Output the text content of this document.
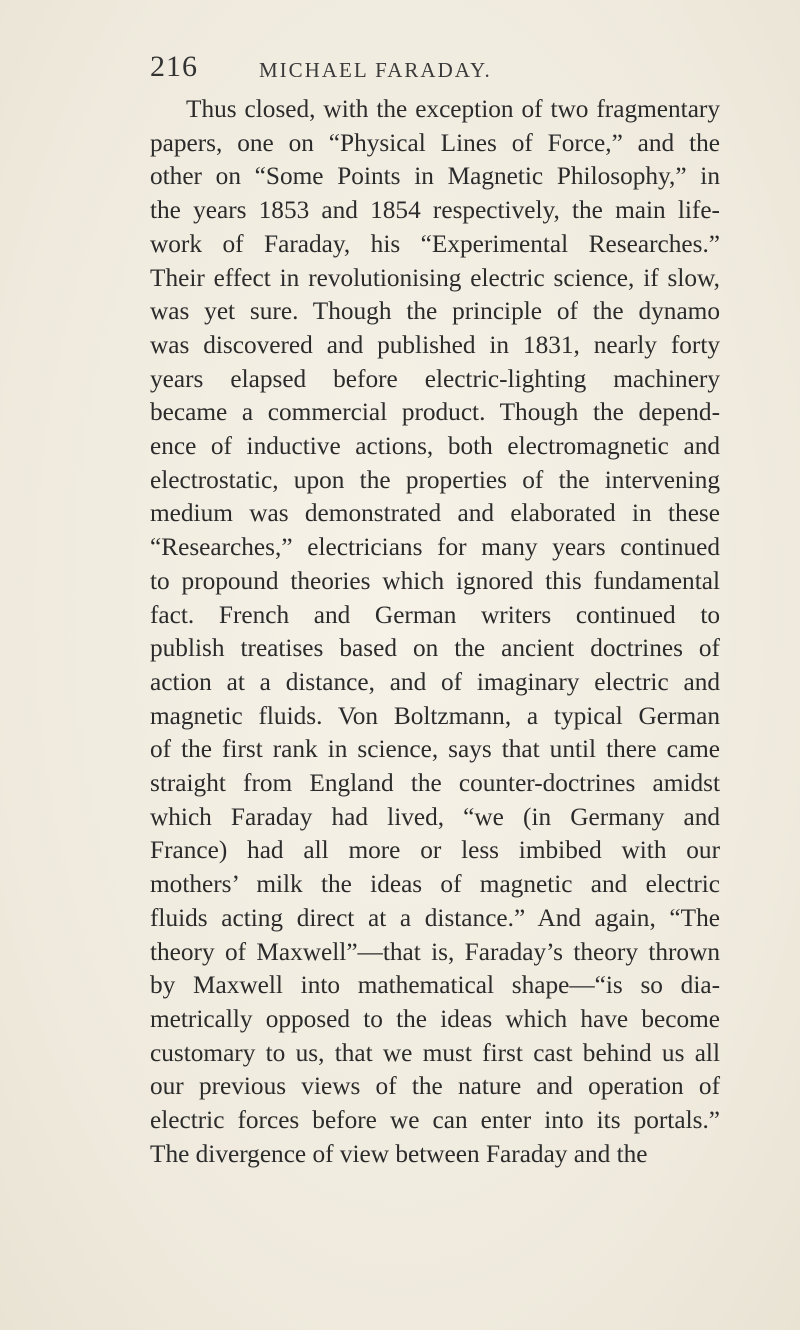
216	MICHAEL FARADAY.
Thus closed, with the exception of two fragmentary
papers, one on “Physical Lines of Force,” and the
other on “Some Points in Magnetic Philosophy,” in
the years 1853 and 1854 respectively, the main life-
work of Faraday, his “Experimental Researches.”
Their effect in revolutionising electric science, if slow,
was yet sure. Though the principle of the dynamo
was discovered and published in 1831, nearly forty
years elapsed before electric-lighting machinery
became a commercial product. Though the depend-
ence of inductive actions, both electromagnetic and
electrostatic, upon the properties of the intervening
medium was demonstrated and elaborated in these
“Researches,” electricians for many years continued
to propound theories which ignored this fundamental
fact. French and German writers continued to
publish treatises based on the ancient doctrines of
action at a distance, and of imaginary electric and
magnetic fluids. Von Boltzmann, a typical German
of the first rank in science, says that until there came
straight from England the counter-doctrines amidst
which Faraday had lived, “we (in Germany and
France) had all more or less imbibed with our
mothers’ milk the ideas of magnetic and electric
fluids acting direct at a distance.” And again, “The
theory of Maxwell”—that is, Faraday’s theory thrown
by Maxwell into mathematical shape—“is so dia-
metrically opposed to the ideas which have become
customary to us, that we must first cast behind us all
our previous views of the nature and operation of
electric forces before we can enter into its portals.”
The divergence of view between Faraday and the
